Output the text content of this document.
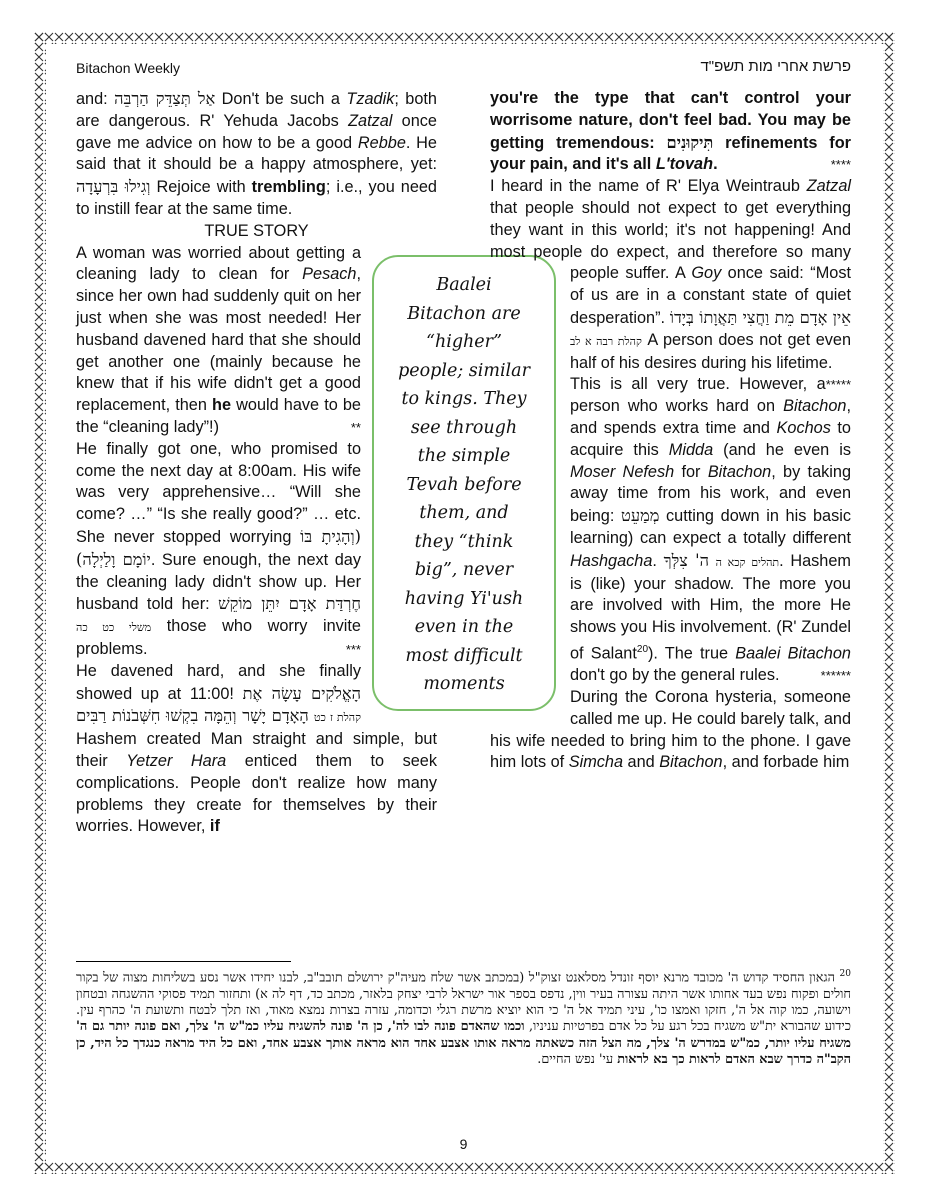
Bitachon Weekly	פרשת אחרי מות תשפ"ד

and: אַל תְּצַדֵּק הַרְבֵּה Don't be such a Tzadik; both are dangerous. R' Yehuda Jacobs Zatzal once gave me advice on how to be a good Rebbe. He said that it should be a happy atmosphere, yet: וְגִילוּ בִּרְעָדָה Rejoice with trembling; i.e., you need to instill fear at the same time.

TRUE STORY

A woman was worried about getting a cleaning lady to clean for Pesach, since her own had suddenly quit on her just when she was most needed! Her husband davened hard that she should get another one (mainly because he knew that if his wife didn't get a good replacement, then he would have to be the “cleaning lady”!)	**

He finally got one, who promised to come the next day at 8:00am. His wife was very apprehensive… “Will she come? …” “Is she really good?” … etc. She never stopped worrying (וְהָגִיתָ בּוֹ יוֹמָם וָלַיְלָה). Sure enough, the next day the cleaning lady didn't show up. Her husband told her: חֶרְדַּת אָדָם יִתֵּן מוֹקֵשׁ משלי כט כה those who worry invite problems.	***

He davened hard, and she finally showed up at 11:00! הָאֱלֹקִים עָשָׂה אֶת הָאָדָם יָשָׁר וְהֵמָּה בִקְשׁוּ חִשְּׁבֹנוֹת רַבִּים קהלת ז כט Hashem created Man straight and simple, but their Yetzer Hara enticed them to seek complications. People don't realize how many problems they create for themselves by their worries. However, if

Baalei
Bitachon are
“higher”
people; similar
to kings. They
see through
the simple
Tevah before
them, and
they “think
big”, never
having Yi'ush
even in the
most difficult
moments

you're the type that can't control your worrisome nature, don't feel bad. You may be getting tremendous: תִּיקוּנִים refinements for your pain, and it's all L'tovah.	****

I heard in the name of R' Elya Weintraub Zatzal that people should not expect to get everything they want in this world; it's not happening! And most people do expect, and therefore so many people suffer. A
Goy once said: “Most of us are in a constant state of quiet desperation”. אֵין אָדָם מֵת וַחֲצִי תַּאֲוָתוֹ בְּיָדוֹ קהלת רבה א לב A person does not get even half of his desires during his lifetime.
*****

This is all very true. However, a person who works hard on Bitachon, and spends extra time and Kochos to acquire this Midda (and he even is Moser Nefesh for Bitachon, by taking away time from his work, and even being: מְמַעֵט cutting down in his basic learning) can expect a totally different Hashgacha. ה' צִלְּךָ תהלים קכא ה. Hashem is (like) your shadow. The more you are involved with Him, the more He shows you His involvement. (R' Zundel of Salant$^{20}$). The true Baalei Bitachon don't go by the general rules.	******

During the Corona hysteria, someone called me up. He could barely talk, and his wife needed to bring him to the phone. I gave him lots of Simcha and Bitachon, and forbade him

$^{20}$ הגאון החסיד קדוש ה' מכובד מרנא יוסף זונדל מסלאנט זצוק"ל (במכתב אשר שלח מעיה"ק ירושלם תובב"ב, לבנו יחידו אשר נסע בשליחות מצוה של בקור חולים ופקוח נפש בעד אחותו אשר היתה עצורה בעיר ווין, נדפס בספר אור ישראל לרבי יצחק בלאזר, מכתב כד, דף לה א) ותחזור תמיד פסוקי ההשגחה ובטחון וישועה, כמו קוה אל ה', חזקו ואמצו כו', עיני תמיד אל ה' כי הוא יוציא מרשת רגלי וכדומה, עזרה בצרות נמצא מאוד, ואז תלך לבטח ותשועת ה' כהרף עין. כידוע שהבורא ית"ש משגיח בכל רגע על כל אדם בפרטיות עניניו, וכמו שהאדם פונה לבו לה', כן ה' פונה להשגיח עליו כמ"ש ה' צלך, ואם פונה יותר גם ה' משגיח עליו יותר, כמ"ש במדרש ה' צלך, מה הצל הזה כשאתה מראה אותו אצבע אחד הוא מראה אותך אצבע אחד, ואם כל היד מראה כנגדך כל היד, כן הקב"ה כדרך שבא האדם לראות כך בא לראות עי' נפש החיים.
9
